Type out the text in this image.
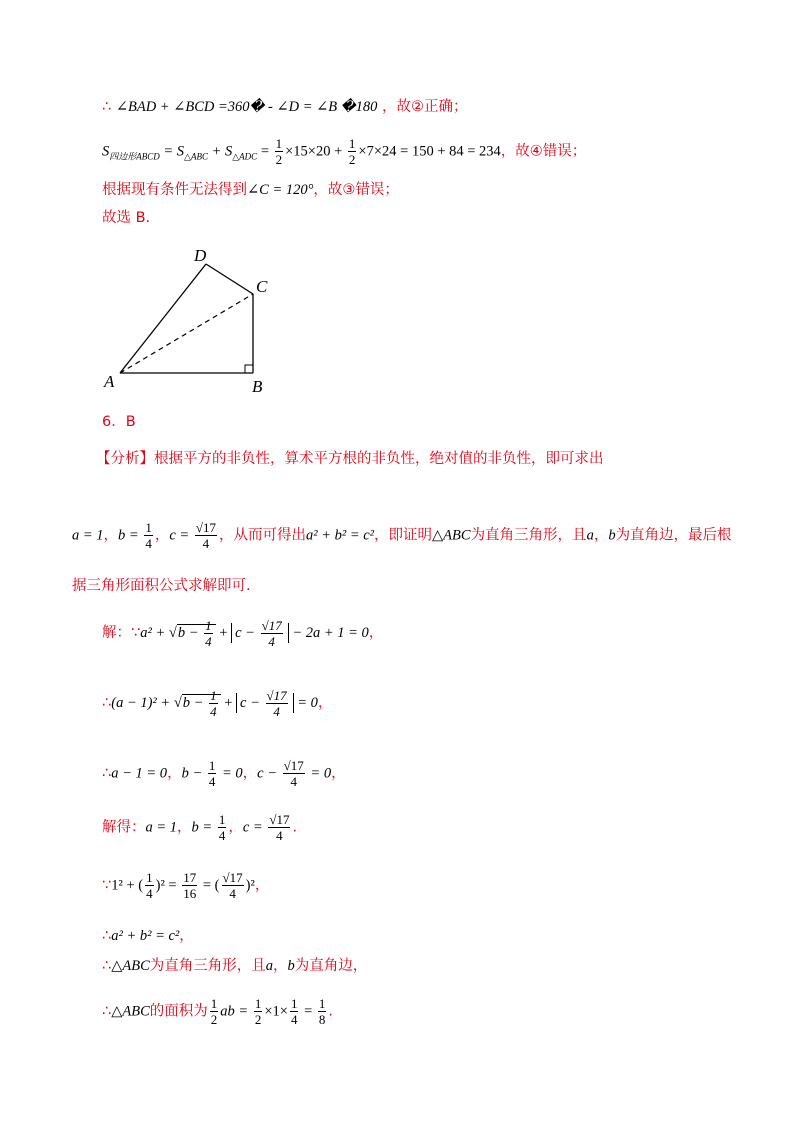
∴ ∠BAD + ∠BCD =360� - ∠D = ∠B �180 ，故②正确；
$S_{四边形ABCD} = S_{\triangle ABC} + S_{\triangle ADC} = \frac{1}{2} \times 15\times 20 + \frac{1}{2} \times 7\times 24 = 150 + 84 = 234$，故④错误；
根据现有条件无法得到∠C = 120°，故③错误；
故选 B.
A	B
C
D
6．B
【分析】根据平方的非负性，算术平方根的非负性，绝对值的非负性，即可求出
a = 1，$b = \frac{1}{4}$ ，$c = \frac{√17}{4}$ ，从而可得出a² + b² = c²，即证明△ABC为直角三角形，且a，b为直角边，最后根
据三角形面积公式求解即可.
解：∵a² + $√b - \frac{1}{4} + c - \frac{√17}{4} - 2a + 1 = 0$，
∴(a − $1)^2 + √b - \frac{1}{4} + c - \frac{√17}{4} = 0$，
∴a − 1 = 0，$b - \frac{1}{4} = 0$，$c - \frac{√17}{4} = 0$，
解得：a = 1，$b = \frac{1}{4}$ ，$c = \frac{√17}{4}$ .
∵1² + ( $\frac{1}{4} )^2 = \frac{17}{16}$ = ( $\frac{√17}{4} )^2$，
∴a² + b² = c²，
∴△ABC为直角三角形，且a，b为直角边，
∴△ABC的面积为 $\frac{1}{2}$ ab = $\frac{1}{2} \times 1\times \frac{1}{4} = \frac{1}{8}$ .
